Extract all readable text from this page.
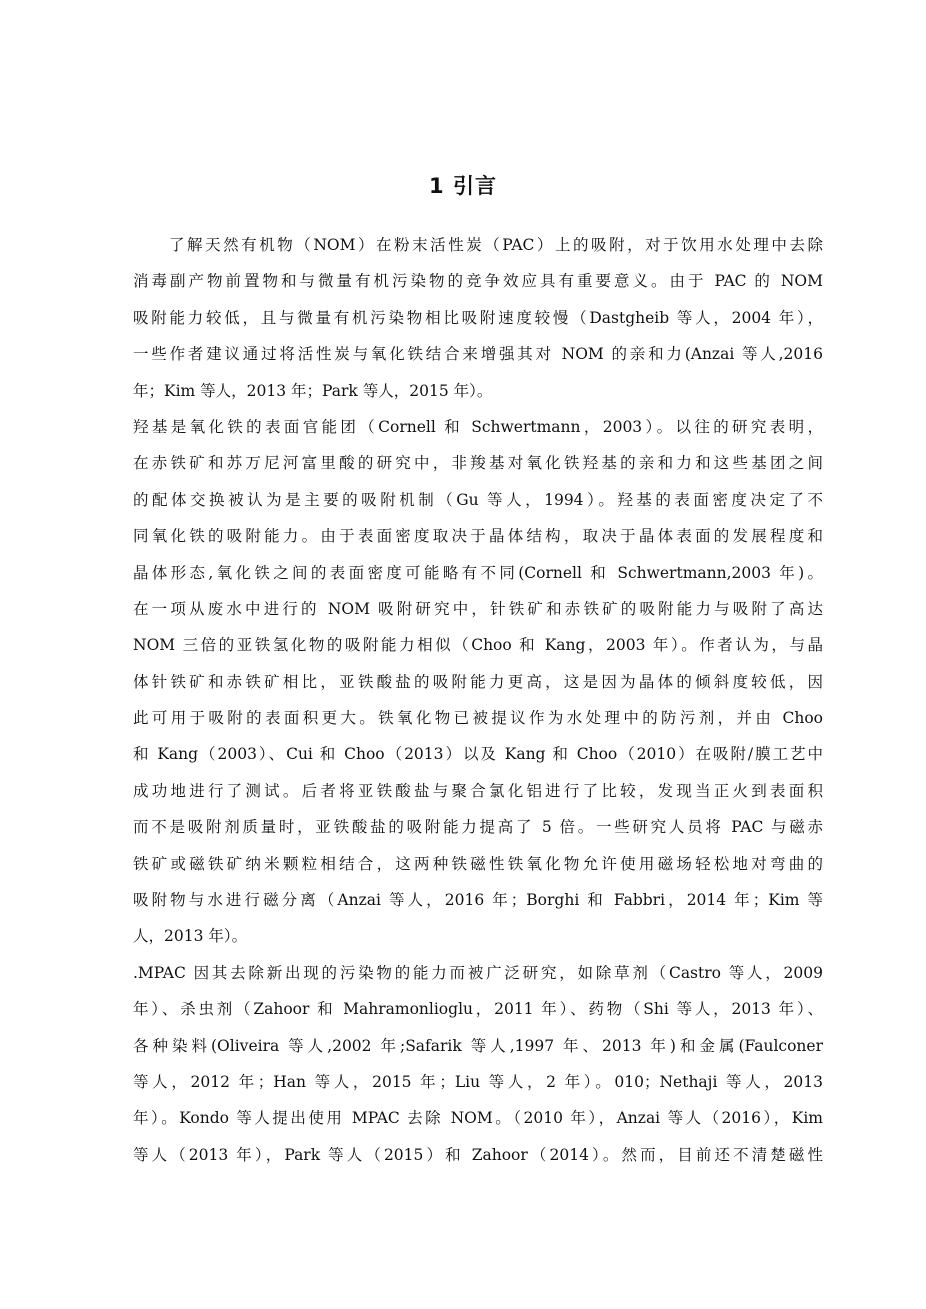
1 引言
了解天然有机物（NOM）在粉末活性炭（PAC）上的吸附，对于饮用水处理中去除
消毒副产物前置物和与微量有机污染物的竞争效应具有重要意义。由于 PAC 的 NOM
吸附能力较低，且与微量有机污染物相比吸附速度较慢（Dastgheib 等人，2004 年），
一些作者建议通过将活性炭与氧化铁结合来增强其对 NOM 的亲和力(Anzai 等人,2016
年；Kim 等人，2013 年；Park 等人，2015 年）。
羟基是氧化铁的表面官能团（Cornell 和 Schwertmann，2003）。以往的研究表明，
在赤铁矿和苏万尼河富里酸的研究中，非羧基对氧化铁羟基的亲和力和这些基团之间
的配体交换被认为是主要的吸附机制（Gu 等人，1994）。羟基的表面密度决定了不
同氧化铁的吸附能力。由于表面密度取决于晶体结构，取决于晶体表面的发展程度和
晶体形态,氧化铁之间的表面密度可能略有不同(Cornell 和 Schwertmann,2003 年)。
在一项从废水中进行的 NOM 吸附研究中，针铁矿和赤铁矿的吸附能力与吸附了高达
NOM 三倍的亚铁氢化物的吸附能力相似（Choo 和 Kang，2003 年）。作者认为，与晶
体针铁矿和赤铁矿相比，亚铁酸盐的吸附能力更高，这是因为晶体的倾斜度较低，因
此可用于吸附的表面积更大。铁氧化物已被提议作为水处理中的防污剂，并由 Choo
和 Kang（2003）、Cui 和 Choo（2013）以及 Kang 和 Choo（2010）在吸附/膜工艺中
成功地进行了测试。后者将亚铁酸盐与聚合氯化铝进行了比较，发现当正火到表面积
而不是吸附剂质量时，亚铁酸盐的吸附能力提高了 5 倍。一些研究人员将 PAC 与磁赤
铁矿或磁铁矿纳米颗粒相结合，这两种铁磁性铁氧化物允许使用磁场轻松地对弯曲的
吸附物与水进行磁分离（Anzai 等人，2016 年；Borghi 和 Fabbri，2014 年；Kim 等
人，2013 年）。
.MPAC 因其去除新出现的污染物的能力而被广泛研究，如除草剂（Castro 等人，2009
年）、杀虫剂（Zahoor 和 Mahramonlioglu，2011 年）、药物（Shi 等人，2013 年）、
各种染料(Oliveira 等人,2002 年;Safarik 等人,1997 年、2013 年)和金属(Faulconer
等人，2012 年；Han 等人，2015 年；Liu 等人，2 年）。010；Nethaji 等人，2013
年）。Kondo 等人提出使用 MPAC 去除 NOM。（2010 年），Anzai 等人（2016），Kim
等人（2013 年），Park 等人（2015）和 Zahoor（2014）。然而，目前还不清楚磁性
